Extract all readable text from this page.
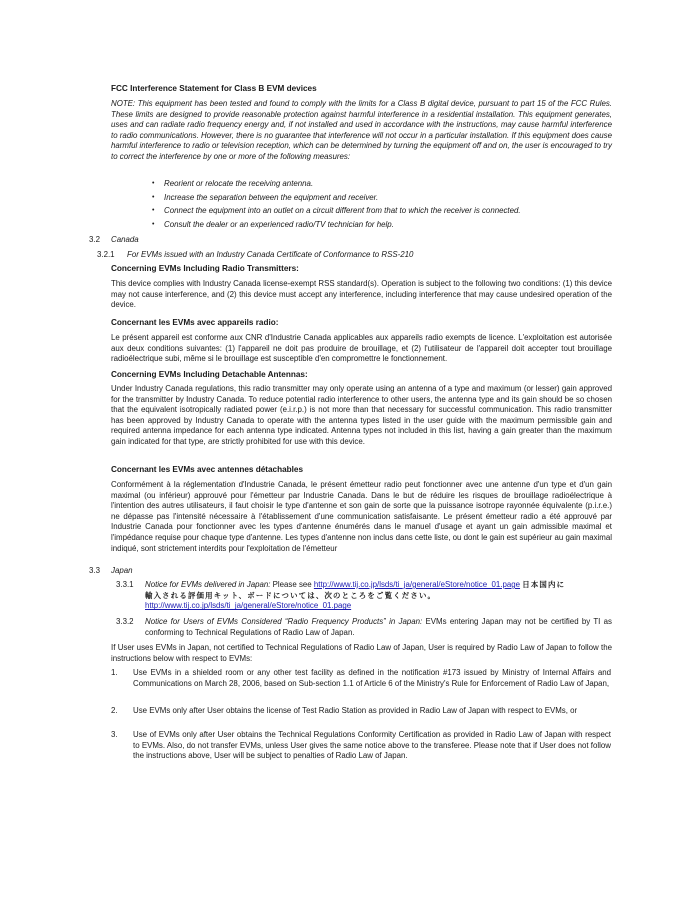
FCC Interference Statement for Class B EVM devices
NOTE: This equipment has been tested and found to comply with the limits for a Class B digital device, pursuant to part 15 of the FCC Rules. These limits are designed to provide reasonable protection against harmful interference in a residential installation. This equipment generates, uses and can radiate radio frequency energy and, if not installed and used in accordance with the instructions, may cause harmful interference to radio communications. However, there is no guarantee that interference will not occur in a particular installation. If this equipment does cause harmful interference to radio or television reception, which can be determined by turning the equipment off and on, the user is encouraged to try to correct the interference by one or more of the following measures:
• Reorient or relocate the receiving antenna.
• Increase the separation between the equipment and receiver.
• Connect the equipment into an outlet on a circuit different from that to which the receiver is connected.
• Consult the dealer or an experienced radio/TV technician for help.
3.2 Canada
3.2.1 For EVMs issued with an Industry Canada Certificate of Conformance to RSS-210
Concerning EVMs Including Radio Transmitters:
This device complies with Industry Canada license-exempt RSS standard(s). Operation is subject to the following two conditions: (1) this device may not cause interference, and (2) this device must accept any interference, including interference that may cause undesired operation of the device.
Concernant les EVMs avec appareils radio:
Le présent appareil est conforme aux CNR d'Industrie Canada applicables aux appareils radio exempts de licence. L'exploitation est autorisée aux deux conditions suivantes: (1) l'appareil ne doit pas produire de brouillage, et (2) l'utilisateur de l'appareil doit accepter tout brouillage radioélectrique subi, même si le brouillage est susceptible d'en compromettre le fonctionnement.
Concerning EVMs Including Detachable Antennas:
Under Industry Canada regulations, this radio transmitter may only operate using an antenna of a type and maximum (or lesser) gain approved for the transmitter by Industry Canada. To reduce potential radio interference to other users, the antenna type and its gain should be so chosen that the equivalent isotropically radiated power (e.i.r.p.) is not more than that necessary for successful communication. This radio transmitter has been approved by Industry Canada to operate with the antenna types listed in the user guide with the maximum permissible gain and required antenna impedance for each antenna type indicated. Antenna types not included in this list, having a gain greater than the maximum gain indicated for that type, are strictly prohibited for use with this device.
Concernant les EVMs avec antennes détachables
Conformément à la réglementation d'Industrie Canada, le présent émetteur radio peut fonctionner avec une antenne d'un type et d'un gain maximal (ou inférieur) approuvé pour l'émetteur par Industrie Canada. Dans le but de réduire les risques de brouillage radioélectrique à l'intention des autres utilisateurs, il faut choisir le type d'antenne et son gain de sorte que la puissance isotrope rayonnée équivalente (p.i.r.e.) ne dépasse pas l'intensité nécessaire à l'établissement d'une communication satisfaisante. Le présent émetteur radio a été approuvé par Industrie Canada pour fonctionner avec les types d'antenne énumérés dans le manuel d'usage et ayant un gain admissible maximal et l'impédance requise pour chaque type d'antenne. Les types d'antenne non inclus dans cette liste, ou dont le gain est supérieur au gain maximal indiqué, sont strictement interdits pour l'exploitation de l'émetteur
3.3 Japan
3.3.1 Notice for EVMs delivered in Japan: Please see http://www.tij.co.jp/lsds/ti_ja/general/eStore/notice_01.page 日本国内に
輸入される評価用キット、ボードについては、次のところをご覧ください。
http://www.tij.co.jp/lsds/ti_ja/general/eStore/notice_01.page
3.3.2 Notice for Users of EVMs Considered “Radio Frequency Products” in Japan: EVMs entering Japan may not be certified by TI as conforming to Technical Regulations of Radio Law of Japan.
If User uses EVMs in Japan, not certified to Technical Regulations of Radio Law of Japan, User is required by Radio Law of Japan to follow the instructions below with respect to EVMs:
1. Use EVMs in a shielded room or any other test facility as defined in the notification #173 issued by Ministry of Internal Affairs and Communications on March 28, 2006, based on Sub-section 1.1 of Article 6 of the Ministry's Rule for Enforcement of Radio Law of Japan,
2. Use EVMs only after User obtains the license of Test Radio Station as provided in Radio Law of Japan with respect to EVMs, or
3. Use of EVMs only after User obtains the Technical Regulations Conformity Certification as provided in Radio Law of Japan with respect to EVMs. Also, do not transfer EVMs, unless User gives the same notice above to the transferee. Please note that if User does not follow the instructions above, User will be subject to penalties of Radio Law of Japan.
